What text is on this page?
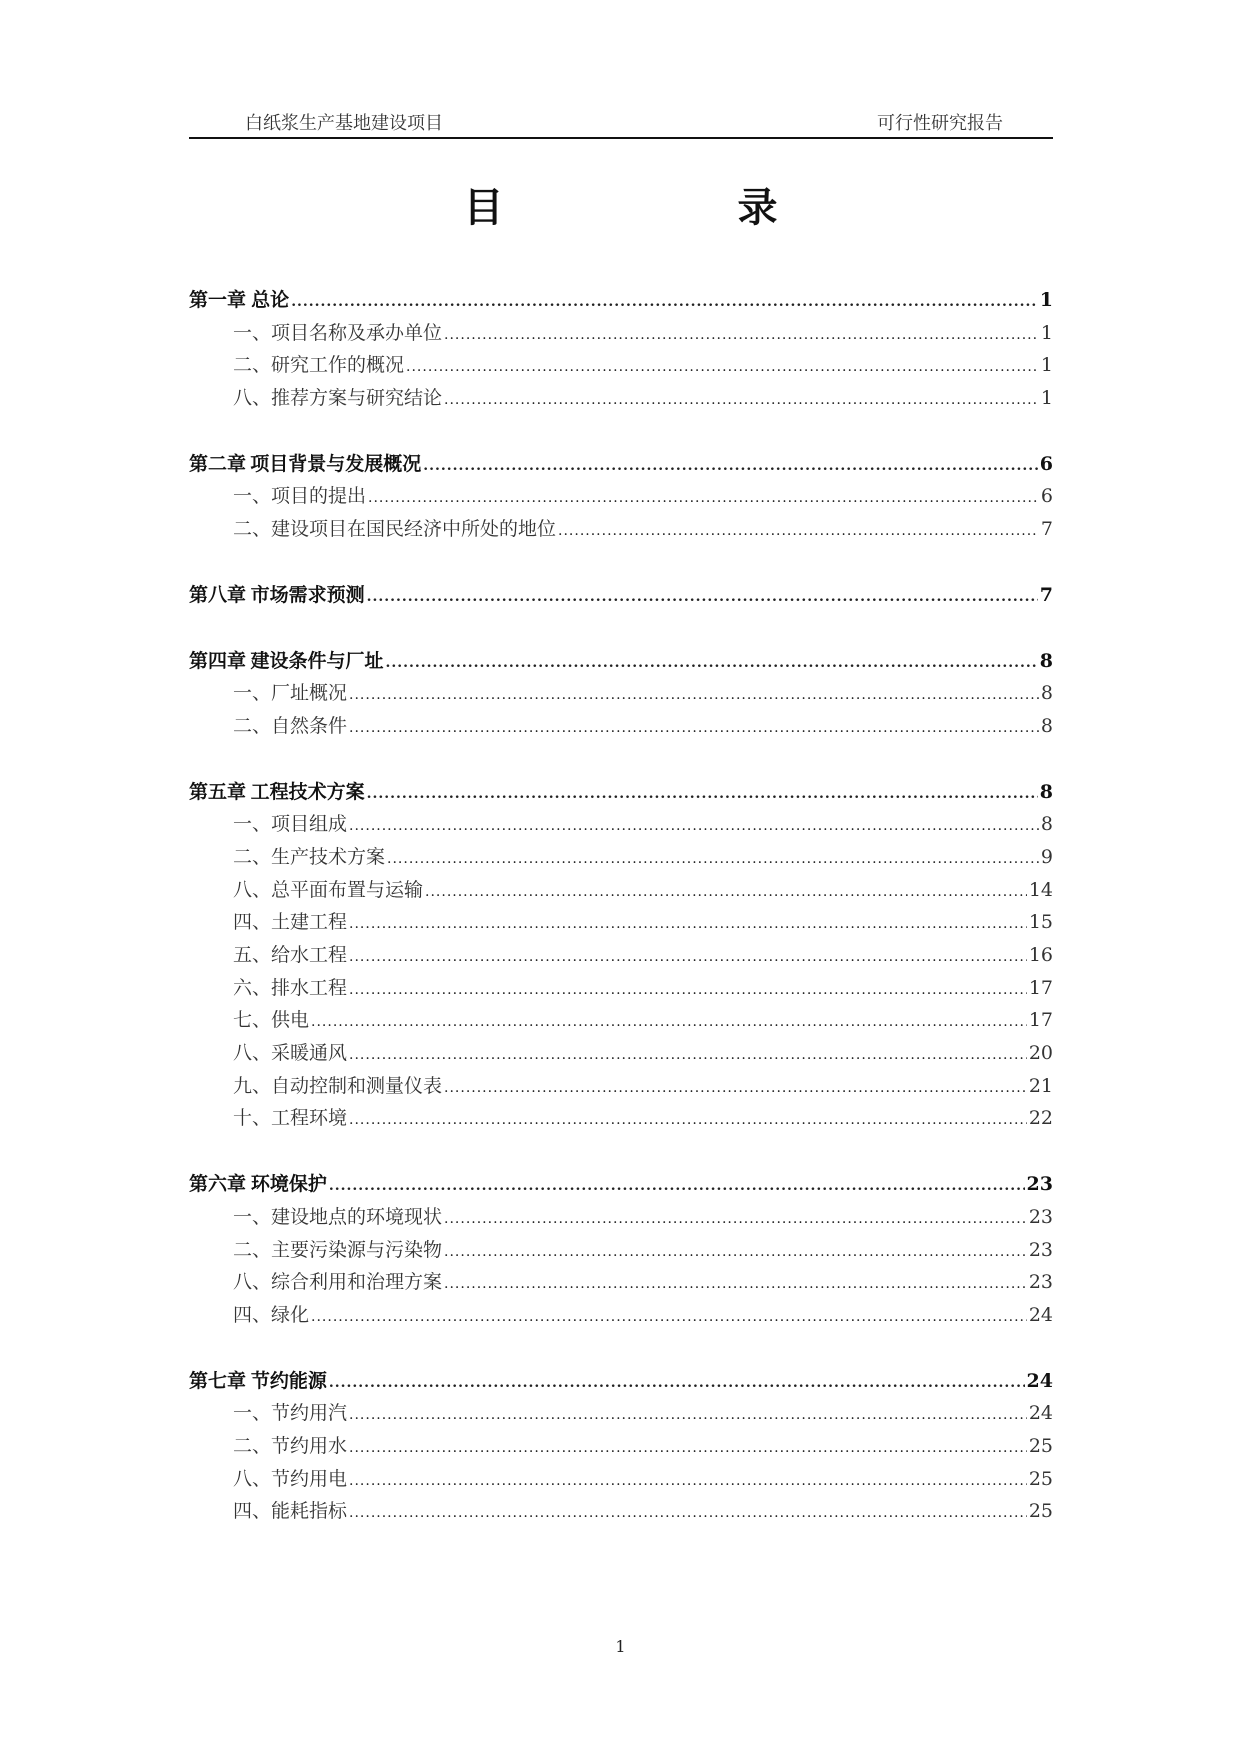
白纸浆生产基地建设项目	可行性研究报告
目 录
第一章 总论 .....	1
一、项目名称及承办单位 .....	1
二、研究工作的概况 .....	1
八、推荐方案与研究结论 .....	1
第二章 项目背景与发展概况 .....	6
一、项目的提出 .....	6
二、建设项目在国民经济中所处的地位 .....	7
第八章 市场需求预测 .....	7
第四章 建设条件与厂址 .....	8
一、厂址概况 .....	8
二、自然条件 .....	8
第五章 工程技术方案 .....	8
一、项目组成 .....	8
二、生产技术方案 .....	9
八、总平面布置与运输 .....	14
四、土建工程 .....	15
五、给水工程 .....	16
六、排水工程 .....	17
七、供电 .....	17
八、采暖通风 .....	20
九、自动控制和测量仪表 .....	21
十、工程环境 .....	22
第六章 环境保护 .....	23
一、建设地点的环境现状 .....	23
二、主要污染源与污染物 .....	23
八、综合利用和治理方案 .....	23
四、绿化 .....	24
第七章 节约能源 .....	24
一、节约用汽 .....	24
二、节约用水 .....	25
八、节约用电 .....	25
四、能耗指标 .....	25
1
